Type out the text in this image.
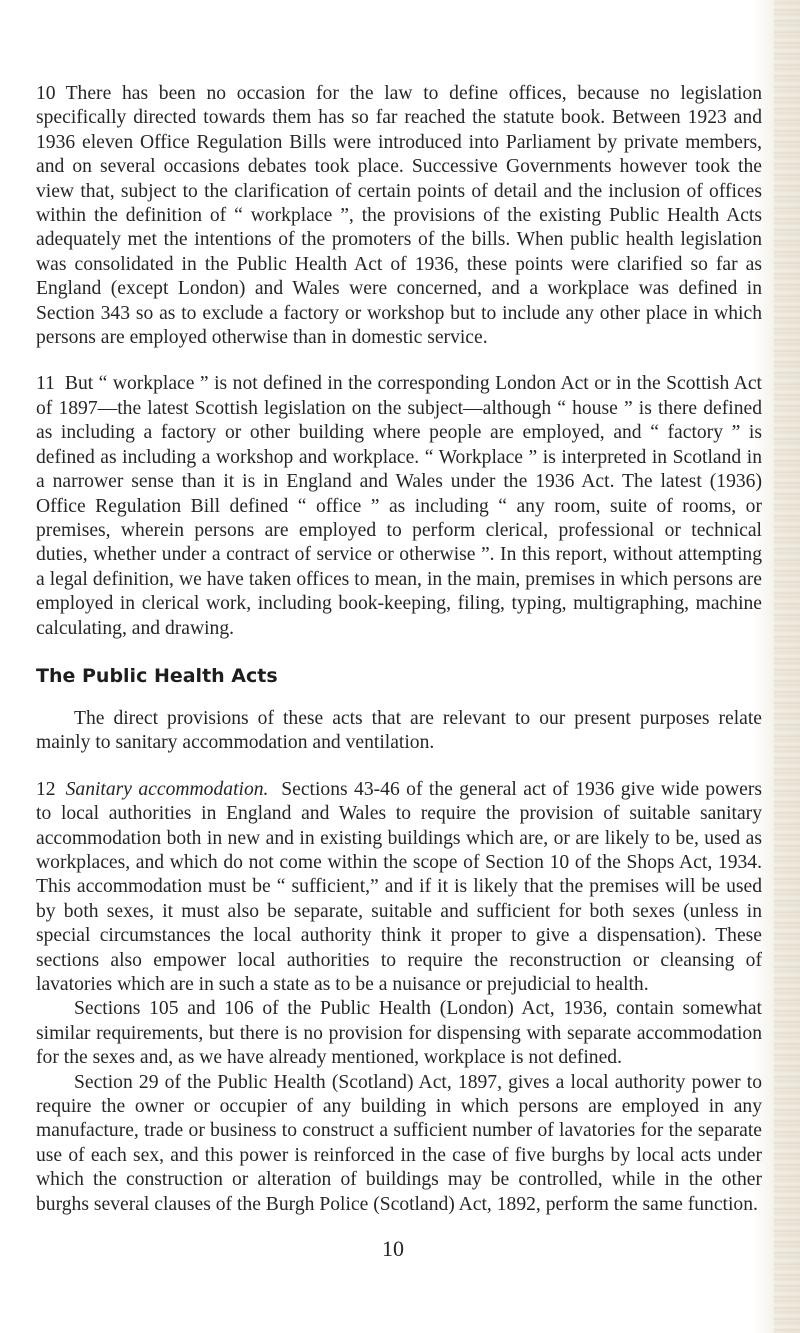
10 There has been no occasion for the law to define offices, because no legislation specifically directed towards them has so far reached the statute book. Between 1923 and 1936 eleven Office Regulation Bills were introduced into Parliament by private members, and on several occasions debates took place. Successive Governments however took the view that, subject to the clarification of certain points of detail and the inclusion of offices within the definition of “ workplace ”, the provisions of the existing Public Health Acts adequately met the intentions of the promoters of the bills. When public health legislation was consolidated in the Public Health Act of 1936, these points were clarified so far as England (except London) and Wales were concerned, and a workplace was defined in Section 343 so as to exclude a factory or workshop but to include any other place in which persons are employed otherwise than in domestic service.

11 But “ workplace ” is not defined in the corresponding London Act or in the Scottish Act of 1897—the latest Scottish legislation on the subject—although “ house ” is there defined as including a factory or other building where people are employed, and “ factory ” is defined as including a workshop and workplace. “ Workplace ” is interpreted in Scotland in a narrower sense than it is in England and Wales under the 1936 Act. The latest (1936) Office Regulation Bill defined “ office ” as including “ any room, suite of rooms, or premises, wherein persons are employed to perform clerical, professional or technical duties, whether under a contract of service or otherwise ”. In this report, without attempting a legal definition, we have taken offices to mean, in the main, premises in which persons are employed in clerical work, including book-keeping, filing, typing, multigraphing, machine calculating, and drawing.

The Public Health Acts

The direct provisions of these acts that are relevant to our present purposes relate mainly to sanitary accommodation and ventilation.

12 Sanitary accommodation. Sections 43-46 of the general act of 1936 give wide powers to local authorities in England and Wales to require the provision of suitable sanitary accommodation both in new and in existing buildings which are, or are likely to be, used as workplaces, and which do not come within the scope of Section 10 of the Shops Act, 1934. This accommodation must be “ sufficient,” and if it is likely that the premises will be used by both sexes, it must also be separate, suitable and sufficient for both sexes (unless in special circumstances the local authority think it proper to give a dispensation). These sections also empower local authorities to require the reconstruction or cleansing of lavatories which are in such a state as to be a nuisance or prejudicial to health.

Sections 105 and 106 of the Public Health (London) Act, 1936, contain somewhat similar requirements, but there is no provision for dispensing with separate accommodation for the sexes and, as we have already mentioned, workplace is not defined.

Section 29 of the Public Health (Scotland) Act, 1897, gives a local authority power to require the owner or occupier of any building in which persons are employed in any manufacture, trade or business to construct a sufficient number of lavatories for the separate use of each sex, and this power is reinforced in the case of five burghs by local acts under which the construction or alteration of buildings may be controlled, while in the other burghs several clauses of the Burgh Police (Scotland) Act, 1892, perform the same function.

10
